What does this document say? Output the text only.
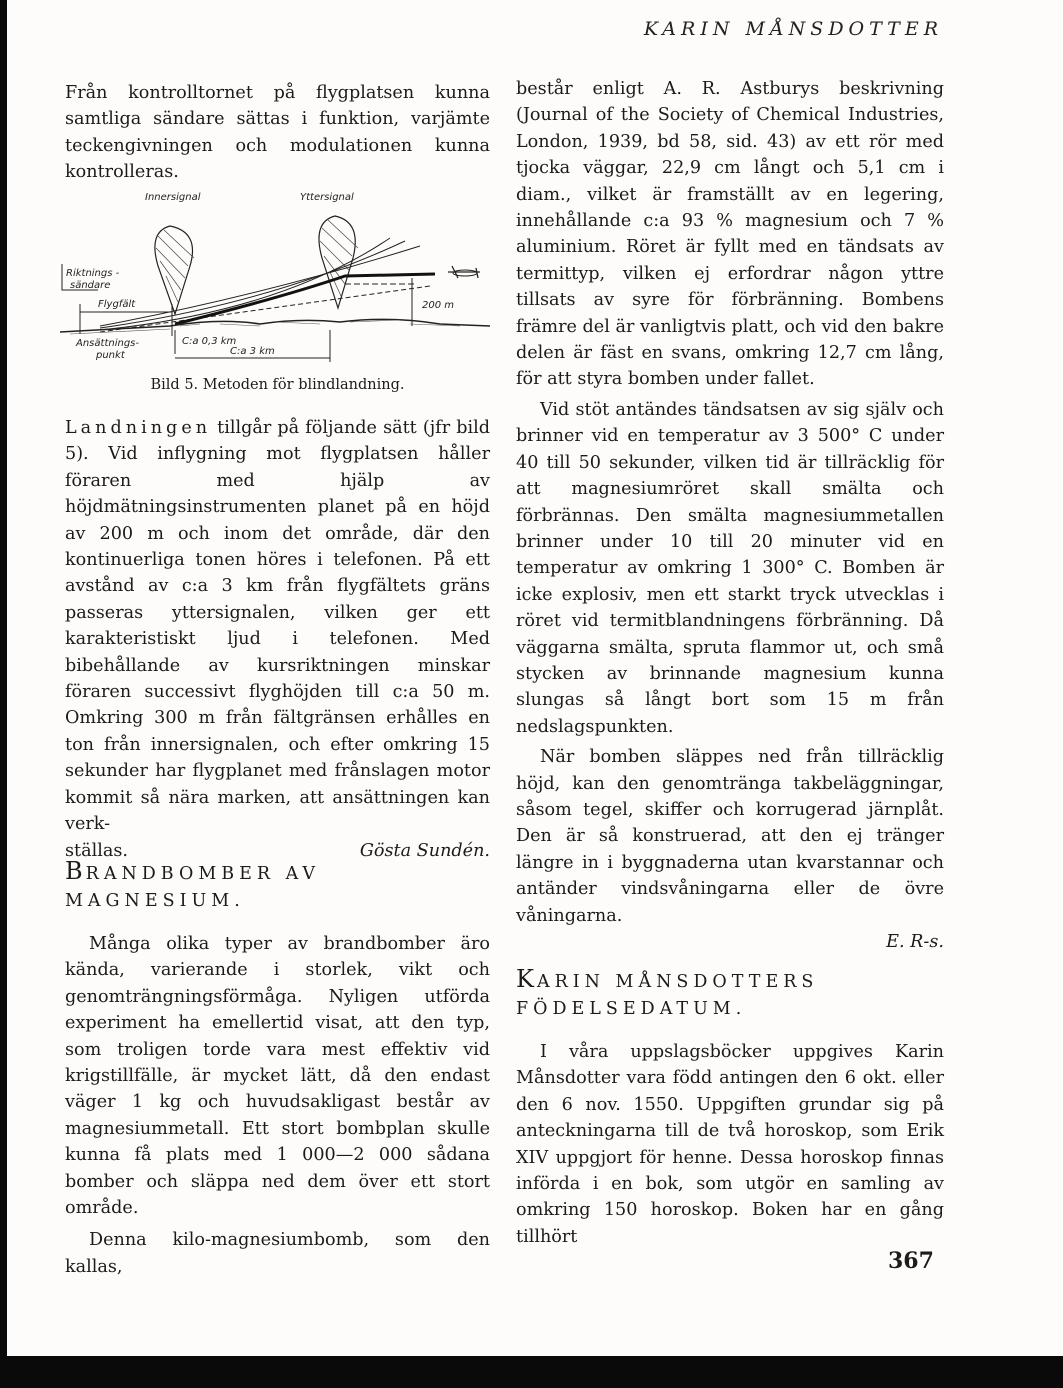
KARIN MÅNSDOTTER

Från kontrolltornet på flygplatsen kunna samtliga sändare sättas i funktion, varjämte teckengivningen och modulationen kunna kontrolleras.

Innersignal	Yttersignal
200 m
Riktnings -
sändare
Flygfält
Ansättnings-
punkt
C:a 0,3 km
C:a 3 km

Bild 5. Metoden för blindlandning.

Landningen tillgår på följande sätt (jfr bild 5). Vid inflygning mot flygplatsen håller föraren med hjälp av höjdmätningsinstrumenten planet på en höjd av 200 m och inom det område, där den kontinuerliga tonen höres i telefonen. På ett avstånd av c:a 3 km från flygfältets gräns passeras yttersignalen, vilken ger ett karakteristiskt ljud i telefonen. Med bibehållande av kursriktningen minskar föraren successivt flyghöjden till c:a 50 m. Omkring 300 m från fältgränsen erhålles en ton från innersignalen, och efter omkring 15 sekunder har flygplanet med frånslagen motor kommit så nära marken, att ansättningen kan verk-

ställas.	Gösta Sundén.
BRANDBOMBER AV MAGNESIUM.

Många olika typer av brandbomber äro kända, varierande i storlek, vikt och genomträngningsförmåga. Nyligen utförda experiment ha emellertid visat, att den typ, som troligen torde vara mest effektiv vid krigstillfälle, är mycket lätt, då den endast väger 1 kg och huvudsakligast består av magnesiummetall. Ett stort bombplan skulle kunna få plats med 1 000—2 000 sådana bomber och släppa ned dem över ett stort område.

Denna kilo-magnesiumbomb, som den kallas,

består enligt A. R. Astburys beskrivning (Journal of the Society of Chemical Industries, London, 1939, bd 58, sid. 43) av ett rör med tjocka väggar, 22,9 cm långt och 5,1 cm i diam., vilket är framställt av en legering, innehållande c:a 93 % magnesium och 7 % aluminium. Röret är fyllt med en tändsats av termittyp, vilken ej erfordrar någon yttre tillsats av syre för förbränning. Bombens främre del är vanligtvis platt, och vid den bakre delen är fäst en svans, omkring 12,7 cm lång, för att styra bomben under fallet.

Vid stöt antändes tändsatsen av sig själv och brinner vid en temperatur av 3 500° C under 40 till 50 sekunder, vilken tid är tillräcklig för att magnesiumröret skall smälta och förbrännas. Den smälta magnesiummetallen brinner under 10 till 20 minuter vid en temperatur av omkring 1 300° C. Bomben är icke explosiv, men ett starkt tryck utvecklas i röret vid termitblandningens förbränning. Då väggarna smälta, spruta flammor ut, och små stycken av brinnande magnesium kunna slungas så långt bort som 15 m från nedslagspunkten.

När bomben släppes ned från tillräcklig höjd, kan den genomtränga takbeläggningar, såsom tegel, skiffer och korrugerad järnplåt. Den är så konstruerad, att den ej tränger längre in i byggnaderna utan kvarstannar och antänder vindsvåningarna eller de övre våningarna.

E. R-s.

KARIN MÅNSDOTTERS FÖDELSEDATUM.

I våra uppslagsböcker uppgives Karin Månsdotter vara född antingen den 6 okt. eller den 6 nov. 1550. Uppgiften grundar sig på anteckningarna till de två horoskop, som Erik XIV uppgjort för henne. Dessa horoskop finnas införda i en bok, som utgör en samling av omkring 150 horoskop. Boken har en gång tillhört

367
